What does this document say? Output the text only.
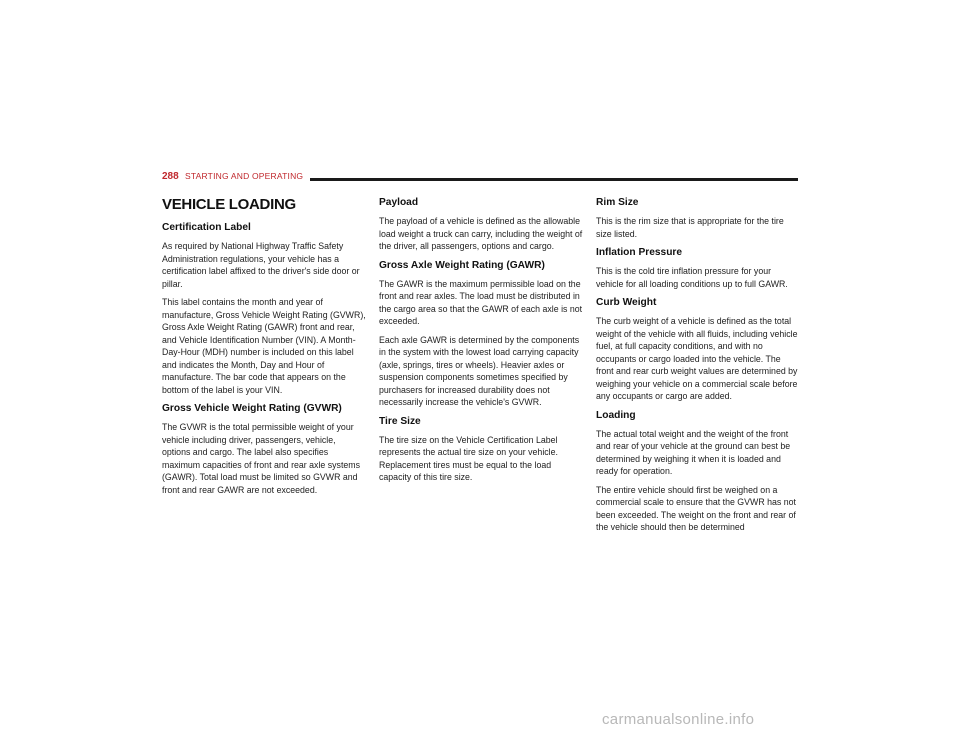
288 STARTING AND OPERATING
VEHICLE LOADING
Certification Label

As required by National Highway Traffic Safety Administration regulations, your vehicle has a certification label affixed to the driver's side door or pillar.

This label contains the month and year of manufacture, Gross Vehicle Weight Rating (GVWR), Gross Axle Weight Rating (GAWR) front and rear, and Vehicle Identification Number (VIN). A Month-Day-Hour (MDH) number is included on this label and indicates the Month, Day and Hour of manufacture. The bar code that appears on the bottom of the label is your VIN.

Gross Vehicle Weight Rating (GVWR)

The GVWR is the total permissible weight of your vehicle including driver, passengers, vehicle, options and cargo. The label also specifies maximum capacities of front and rear axle systems (GAWR). Total load must be limited so GVWR and front and rear GAWR are not exceeded.

Payload

The payload of a vehicle is defined as the allowable load weight a truck can carry, including the weight of the driver, all passengers, options and cargo.

Gross Axle Weight Rating (GAWR)

The GAWR is the maximum permissible load on the front and rear axles. The load must be distributed in the cargo area so that the GAWR of each axle is not exceeded.

Each axle GAWR is determined by the components in the system with the lowest load carrying capacity (axle, springs, tires or wheels). Heavier axles or suspension components sometimes specified by purchasers for increased durability does not necessarily increase the vehicle's GVWR.

Tire Size

The tire size on the Vehicle Certification Label represents the actual tire size on your vehicle. Replacement tires must be equal to the load capacity of this tire size.

Rim Size

This is the rim size that is appropriate for the tire size listed.

Inflation Pressure

This is the cold tire inflation pressure for your vehicle for all loading conditions up to full GAWR.

Curb Weight

The curb weight of a vehicle is defined as the total weight of the vehicle with all fluids, including vehicle fuel, at full capacity conditions, and with no occupants or cargo loaded into the vehicle. The front and rear curb weight values are determined by weighing your vehicle on a commercial scale before any occupants or cargo are added.

Loading

The actual total weight and the weight of the front and rear of your vehicle at the ground can best be determined by weighing it when it is loaded and ready for operation.

The entire vehicle should first be weighed on a commercial scale to ensure that the GVWR has not been exceeded. The weight on the front and rear of the vehicle should then be determined

carmanualsonline.info
